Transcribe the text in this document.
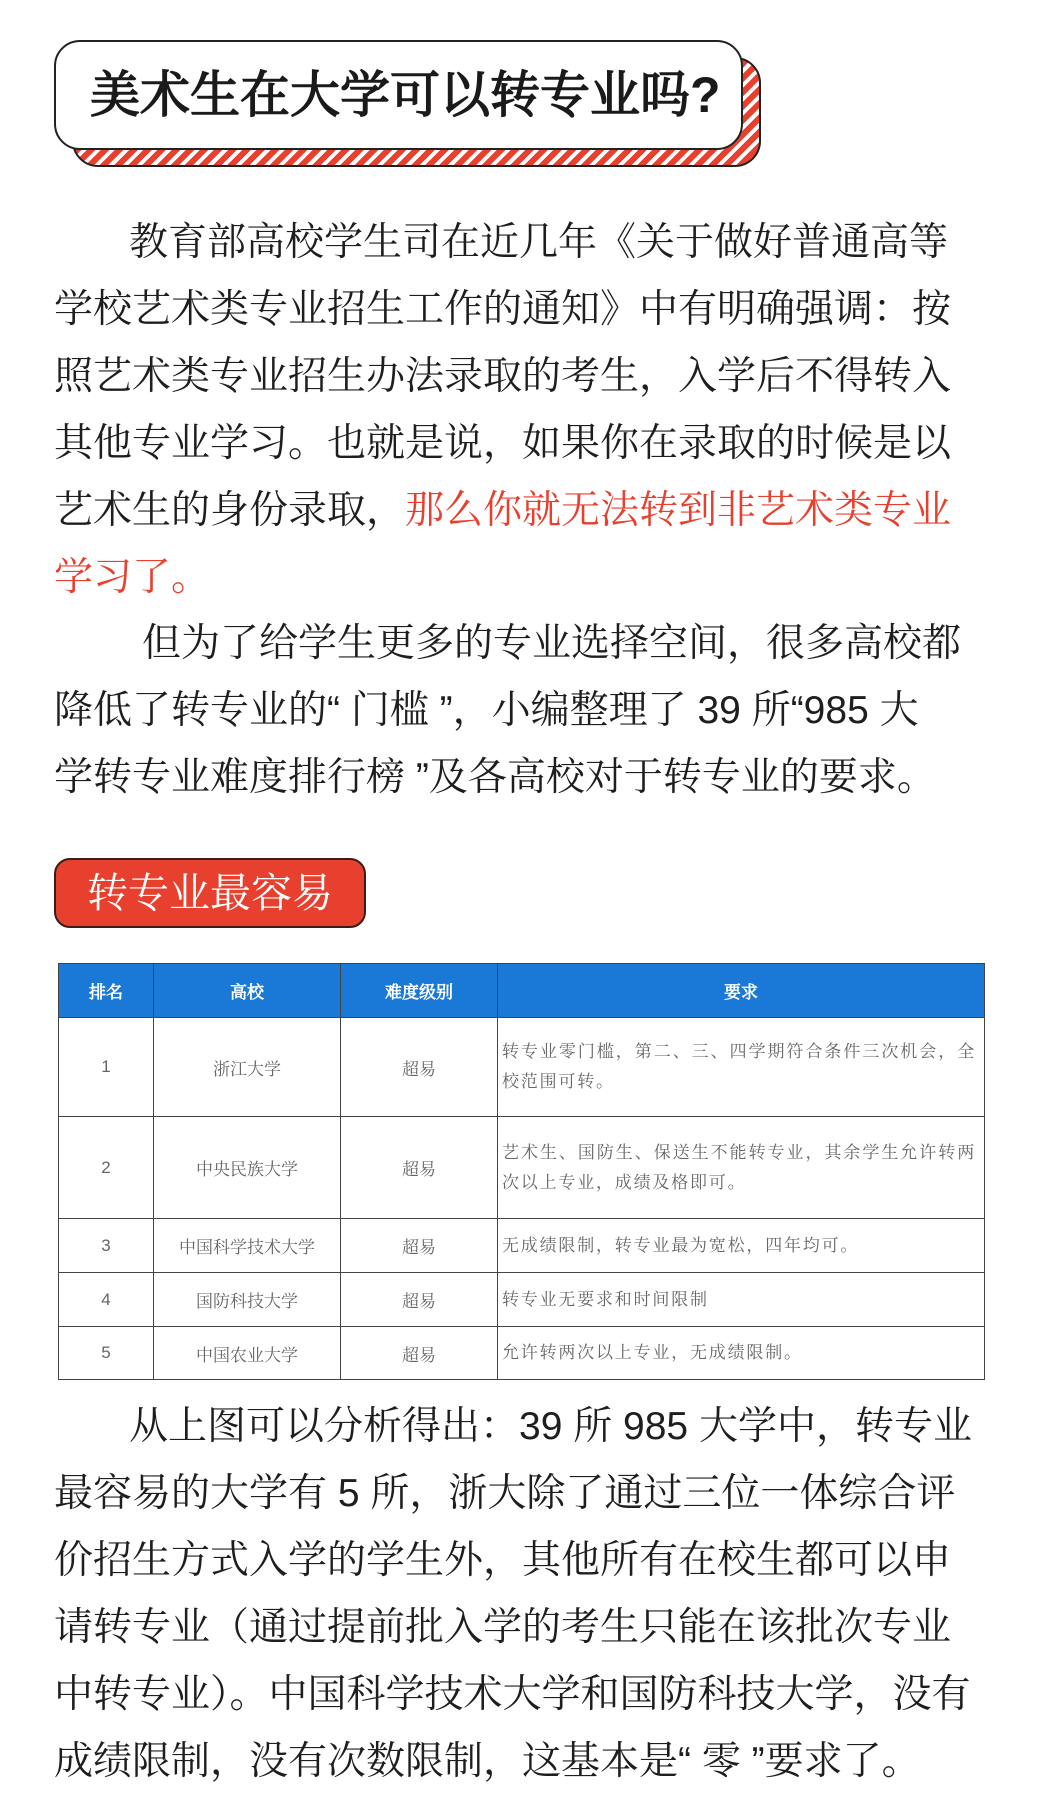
美术生在大学可以转专业吗?
教育部高校学生司在近几年《关于做好普通高等
学校艺术类专业招生工作的通知》中有明确强调：按
照艺术类专业招生办法录取的考生，入学后不得转入
其他专业学习。也就是说，如果你在录取的时候是以
艺术生的身份录取，那么你就无法转到非艺术类专业
学习了。
但为了给学生更多的专业选择空间，很多高校都
降低了转专业的“ 门槛 ”，小编整理了 39 所“985 大
学转专业难度排行榜 ”及各高校对于转专业的要求。
转专业最容易
排名	高校	难度级别	要求
1	浙江大学	超易	转专业零门槛，第二、三、四学期符合条件三次机会，全校范围可转。
2	中央民族大学	超易	艺术生、国防生、保送生不能转专业，其余学生允许转两次以上专业，成绩及格即可。
3	中国科学技术大学	超易	无成绩限制，转专业最为宽松，四年均可。
4	国防科技大学	超易	转专业无要求和时间限制
5	中国农业大学	超易	允许转两次以上专业，无成绩限制。
从上图可以分析得出：39 所 985 大学中，转专业
最容易的大学有 5 所，浙大除了通过三位一体综合评
价招生方式入学的学生外，其他所有在校生都可以申
请转专业（通过提前批入学的考生只能在该批次专业
中转专业）。中国科学技术大学和国防科技大学，没有
成绩限制，没有次数限制，这基本是“ 零 ”要求了。
